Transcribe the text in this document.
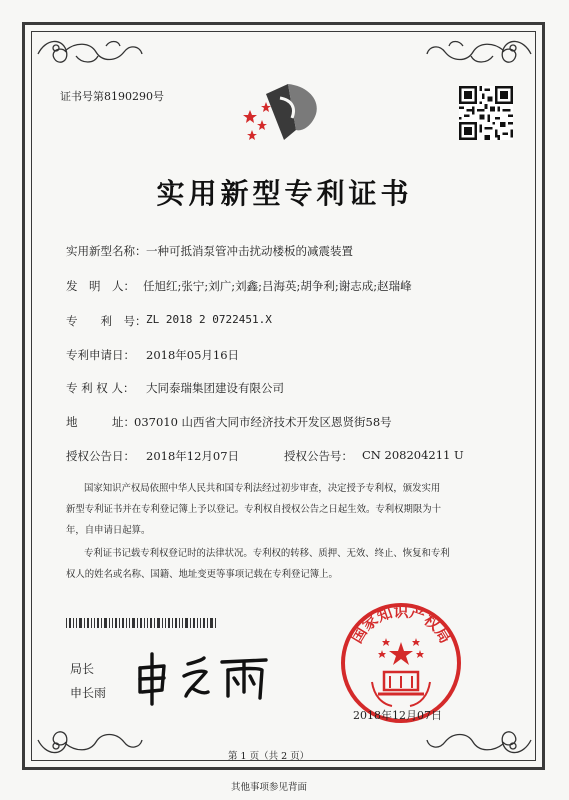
证书号第8190290号
实用新型专利证书
实用新型名称： 一种可抵消泵管冲击扰动楼板的减震装置
发　明　人： 任旭红;张宁;刘广;刘鑫;吕海英;胡争利;谢志成;赵瑞峰
专　　利　号： ZL 2018 2 0722451.X
专利申请日： 2018年05月16日
专 利 权 人： 大同泰瑞集团建设有限公司
地　　　址： 037010 山西省大同市经济技术开发区恩贤街58号
授权公告日： 2018年12月07日	授权公告号： CN 208204211 U
国家知识产权局依照中华人民共和国专利法经过初步审查，决定授予专利权，颁发实用
新型专利证书并在专利登记簿上予以登记。专利权自授权公告之日起生效。专利权期限为十
年，自申请日起算。
专利证书记载专利权登记时的法律状况。专利权的转移、质押、无效、终止、恢复和专利
权人的姓名或名称、国籍、地址变更等事项记载在专利登记簿上。
局长
申长雨
国家知识产权局
2018年12月07日
第 1 页（共 2 页）
其他事项参见背面
